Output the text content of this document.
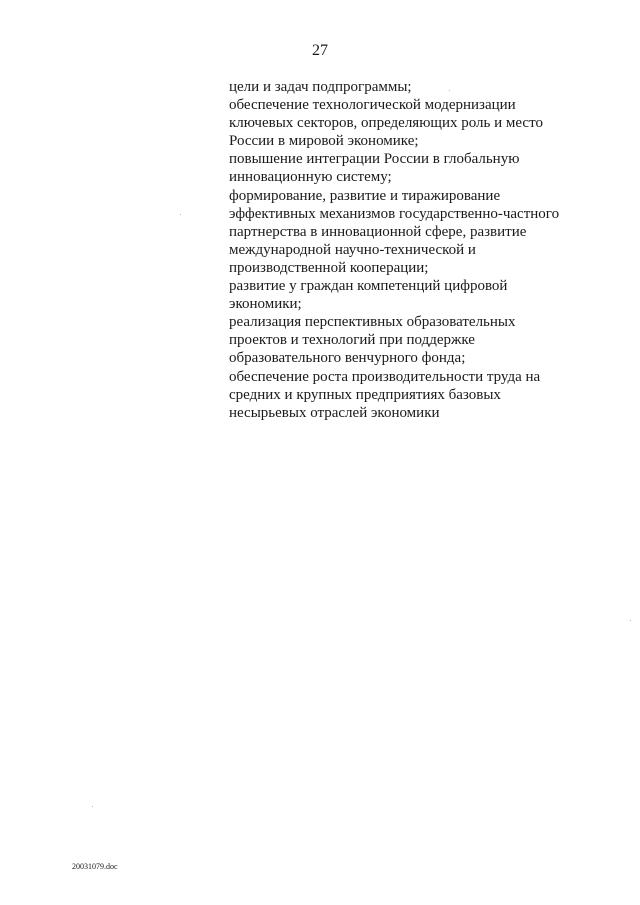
27
цели и задач подпрограммы;
обеспечение технологической модернизации
ключевых секторов, определяющих роль и место
России в мировой экономике;
повышение интеграции России в глобальную
инновационную систему;
формирование, развитие и тиражирование
эффективных механизмов государственно-частного
партнерства в инновационной сфере, развитие
международной научно-технической и
производственной кооперации;
развитие у граждан компетенций цифровой
экономики;
реализация перспективных образовательных
проектов и технологий при поддержке
образовательного венчурного фонда;
обеспечение роста производительности труда на
средних и крупных предприятиях базовых
несырьевых отраслей экономики
20031079.doc
